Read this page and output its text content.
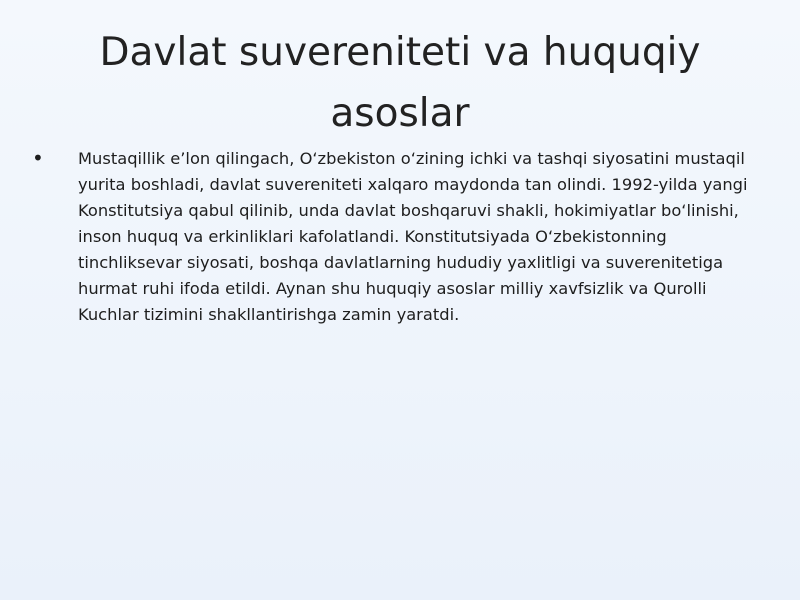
Davlat suvereniteti va huquqiy asoslar
• Mustaqillik e’lon qilingach, O‘zbekiston o‘zining ichki va tashqi siyosatini mustaqil yurita boshladi, davlat suvereniteti xalqaro maydonda tan olindi. 1992-yilda yangi Konstitutsiya qabul qilinib, unda davlat boshqaruvi shakli, hokimiyatlar bo‘linishi, inson huquq va erkinliklari kafolatlandi. Konstitutsiyada O‘zbekistonning tinchliksevar siyosati, boshqa davlatlarning hududiy yaxlitligi va suverenitetiga hurmat ruhi ifoda etildi. Aynan shu huquqiy asoslar milliy xavfsizlik va Qurolli Kuchlar tizimini shakllantirishga zamin yaratdi.
